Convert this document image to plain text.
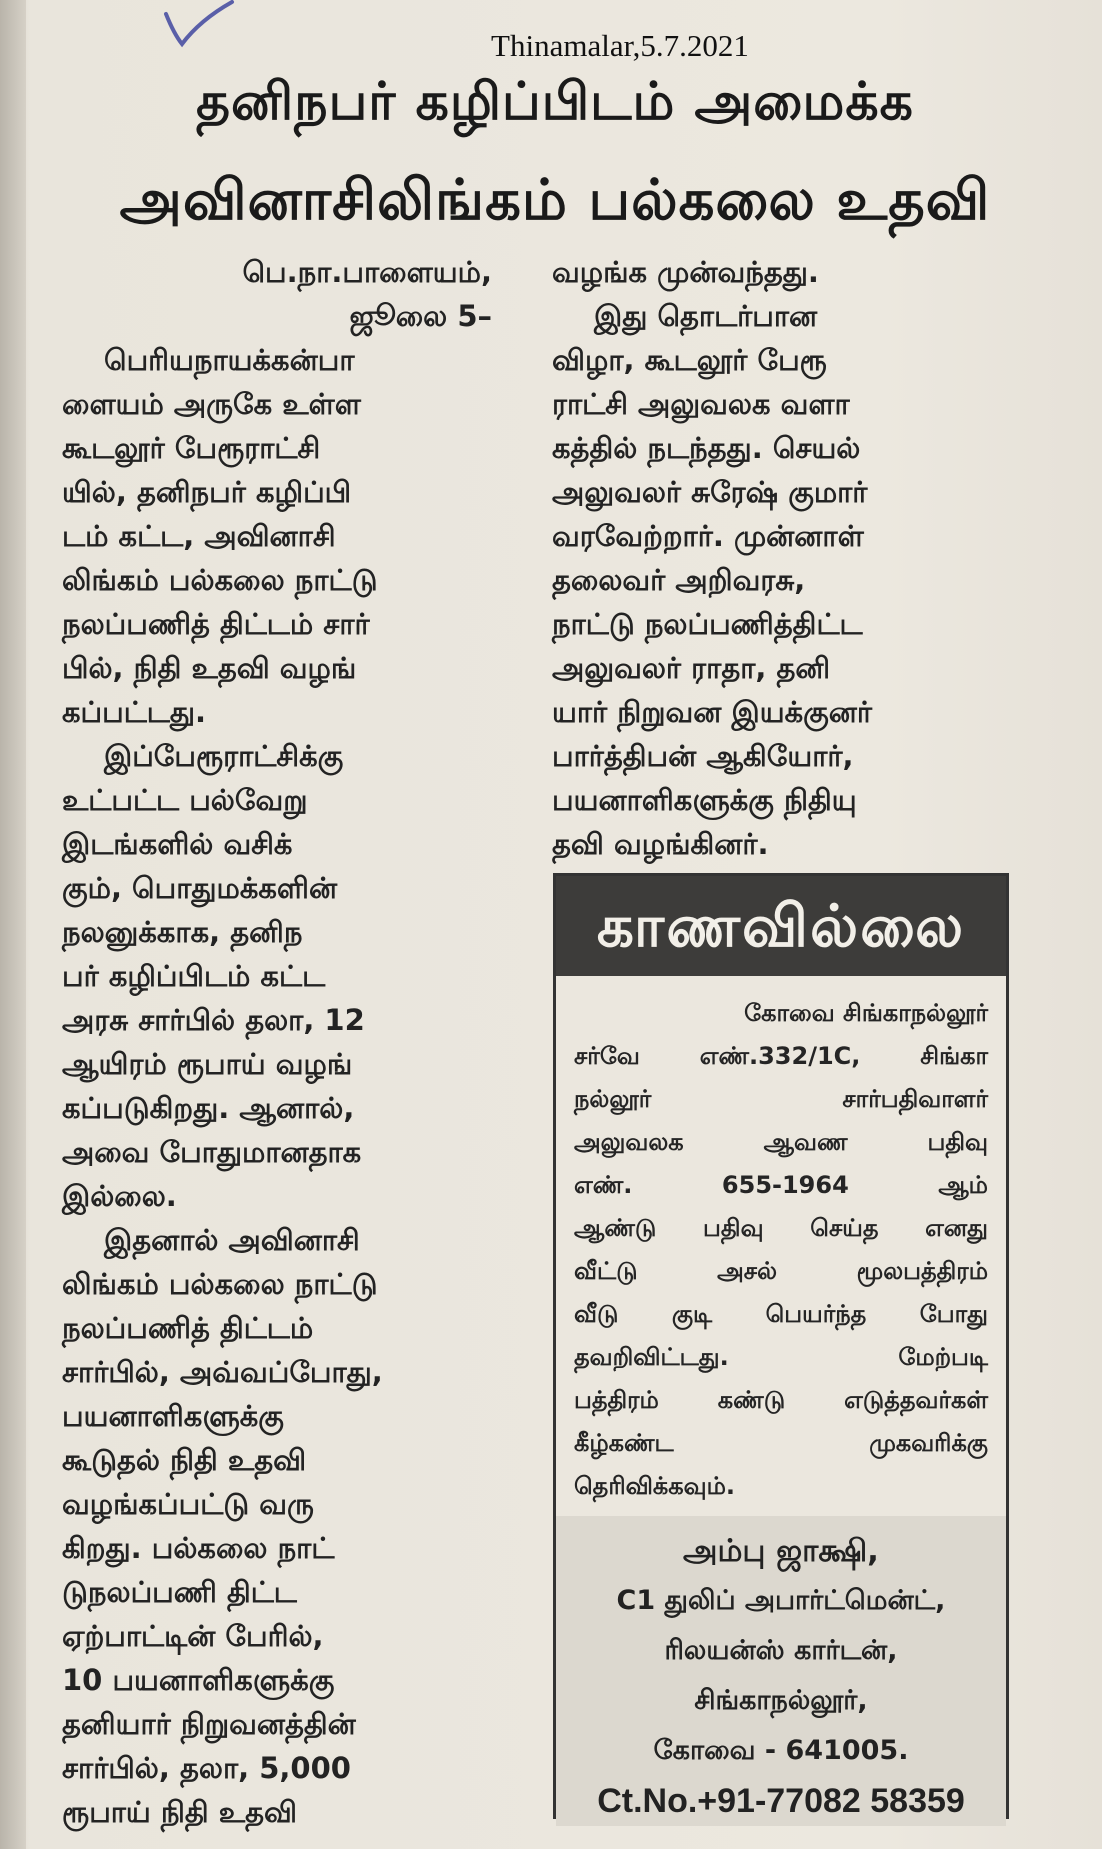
Thinamalar,5.7.2021
தனிநபர் கழிப்பிடம் அமைக்க
அவினாசிலிங்கம் பல்கலை உதவி
பெ.நா.பாளையம்,
ஜூலை 5–
பெரியநாயக்கன்பா
ளையம் அருகே உள்ள
கூடலூர் பேரூராட்சி
யில், தனிநபர் கழிப்பி
டம் கட்ட, அவினாசி
லிங்கம் பல்கலை நாட்டு
நலப்பணித் திட்டம் சார்
பில், நிதி உதவி வழங்
கப்பட்டது.
இப்பேரூராட்சிக்கு
உட்பட்ட பல்வேறு
இடங்களில் வசிக்
கும், பொதுமக்களின்
நலனுக்காக, தனிந
பர் கழிப்பிடம் கட்ட
அரசு சார்பில் தலா, 12
ஆயிரம் ரூபாய் வழங்
கப்படுகிறது. ஆனால்,
அவை போதுமானதாக
இல்லை.
இதனால் அவினாசி
லிங்கம் பல்கலை நாட்டு
நலப்பணித் திட்டம்
சார்பில், அவ்வப்போது,
பயனாளிகளுக்கு
கூடுதல் நிதி உதவி
வழங்கப்பட்டு வரு
கிறது. பல்கலை நாட்
டுநலப்பணி திட்ட
ஏற்பாட்டின் பேரில்,
10 பயனாளிகளுக்கு
தனியார் நிறுவனத்தின்
சார்பில், தலா, 5,000
ரூபாய் நிதி உதவி
வழங்க முன்வந்தது.
இது தொடர்பான
விழா, கூடலூர் பேரூ
ராட்சி அலுவலக வளா
கத்தில் நடந்தது. செயல்
அலுவலர் சுரேஷ் குமார்
வரவேற்றார். முன்னாள்
தலைவர் அறிவரசு,
நாட்டு நலப்பணித்திட்ட
அலுவலர் ராதா, தனி
யார் நிறுவன இயக்குனர்
பார்த்திபன் ஆகியோர்,
பயனாளிகளுக்கு நிதியு
தவி வழங்கினர்.
காணவில்லை
கோவை சிங்காநல்லூர்
சர்வே எண்.332/1C, சிங்கா
நல்லூர் சார்பதிவாளர்
அலுவலக ஆவண பதிவு
எண். 655-1964 ஆம்
ஆண்டு பதிவு செய்த எனது
வீட்டு அசல் மூலபத்திரம்
வீடு குடி பெயர்ந்த போது
தவறிவிட்டது. மேற்படி
பத்திரம் கண்டு எடுத்தவர்கள்
கீழ்கண்ட முகவரிக்கு
தெரிவிக்கவும்.
அம்பு ஜாக்ஷி,
C1 துலிப் அபார்ட்மென்ட்,
ரிலயன்ஸ் கார்டன்,
சிங்காநல்லூர்,
கோவை - 641005.
Ct.No.+91-77082 58359
